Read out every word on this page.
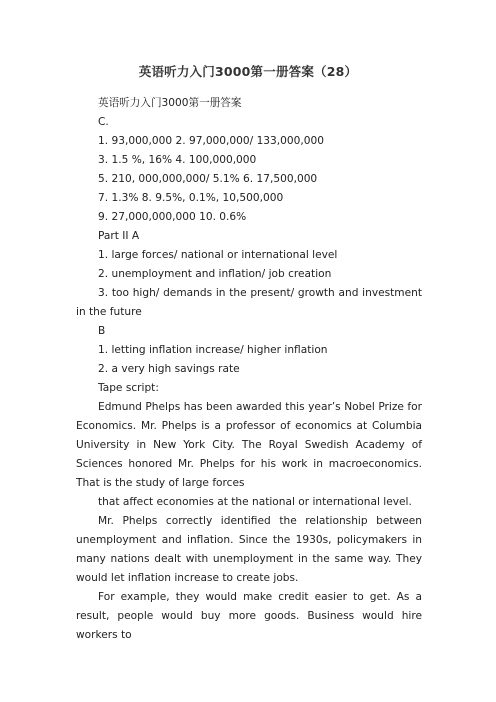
英语听力入门3000第一册答案（28）
英语听力入门3000第一册答案
C.
1. 93,000,000 2. 97,000,000/ 133,000,000
3. 1.5 %, 16% 4. 100,000,000
5. 210, 000,000,000/ 5.1% 6. 17,500,000
7. 1.3% 8. 9.5%, 0.1%, 10,500,000
9. 27,000,000,000 10. 0.6%
Part II A
1. large forces/ national or international level
2. unemployment and inflation/ job creation
3. too high/ demands in the present/ growth and investment in the future
B
1. letting inflation increase/ higher inflation
2. a very high savings rate
Tape script:
Edmund Phelps has been awarded this year’s Nobel Prize for Economics. Mr. Phelps is a professor of economics at Columbia University in New York City. The Royal Swedish Academy of Sciences honored Mr. Phelps for his work in macroeconomics. That is the study of large forces
that affect economies at the national or international level.
Mr. Phelps correctly identified the relationship between unemployment and inflation. Since the 1930s, policymakers in many nations dealt with unemployment in the same way. They would let inflation increase to create jobs.
For example, they would make credit easier to get. As a result, people would buy more goods. Business would hire workers to
